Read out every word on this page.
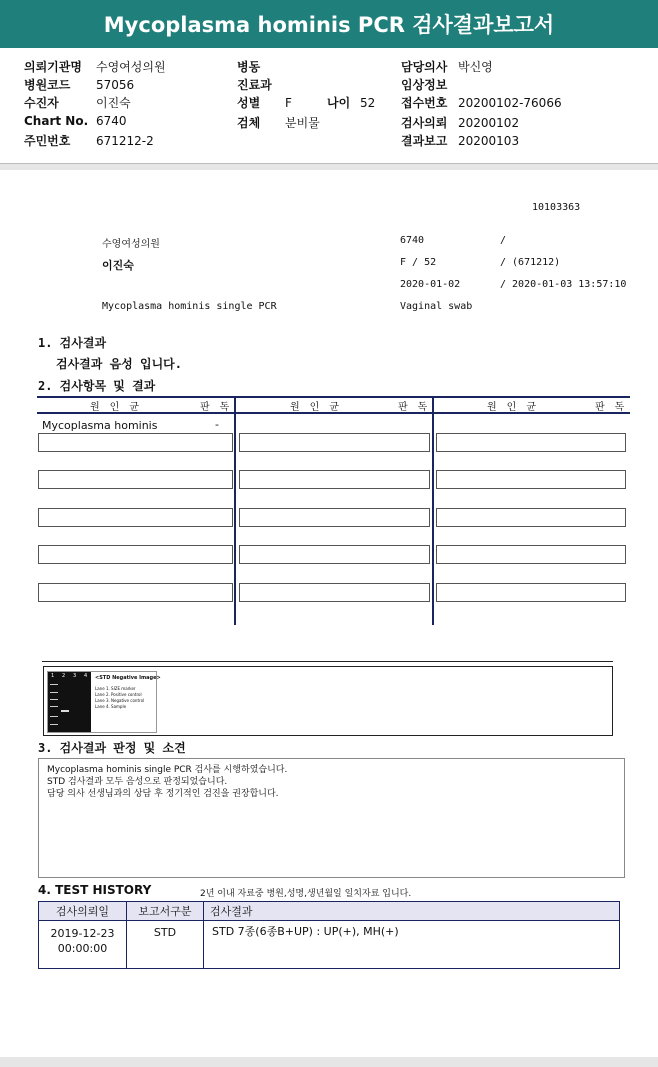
Mycoplasma hominis PCR 검사결과보고서
의뢰기관명 수영여성의원
병원코드 57056
수진자	이진숙
Chart No. 6740
주민번호 671212-2
병동
진료과
성별 F	나이 52
검체 분비물
담당의사 박신영
임상정보
접수번호 20200102-76066
검사의뢰 20200102
결과보고 20200103
10103363
수영여성의원	6740	/
이진숙	F / 52	/ (671212)
2020-01-02	/ 2020-01-03 13:57:10
Mycoplasma hominis single PCR	Vaginal swab
1. 검사결과
검사결과 음성 입니다.
2. 검사항목 및 결과
원 인 균	판 독	원 인 균	판 독	원 인 균	판 독
Mycoplasma hominis	-
1 2 3 4 <STD Negative Image>
Lane 1. SIZE marker
Lane 2. Positive control
Lane 3. Negative control
Lane 4. Sample
3. 검사결과 판정 및 소견
Mycoplasma hominis single PCR 검사를 시행하였습니다.
STD 검사결과 모두 음성으로 판정되었습니다.
담당 의사 선생님과의 상담 후 정기적인 검진을 권장합니다.
4. TEST HISTORY	2년 이내 자료중 병원,성명,생년월일 일치자료 입니다.
검사의뢰일	보고서구분	검사결과

2019-12-23
00:00:00	STD	STD 7종(6종B+UP) : UP(+), MH(+)
